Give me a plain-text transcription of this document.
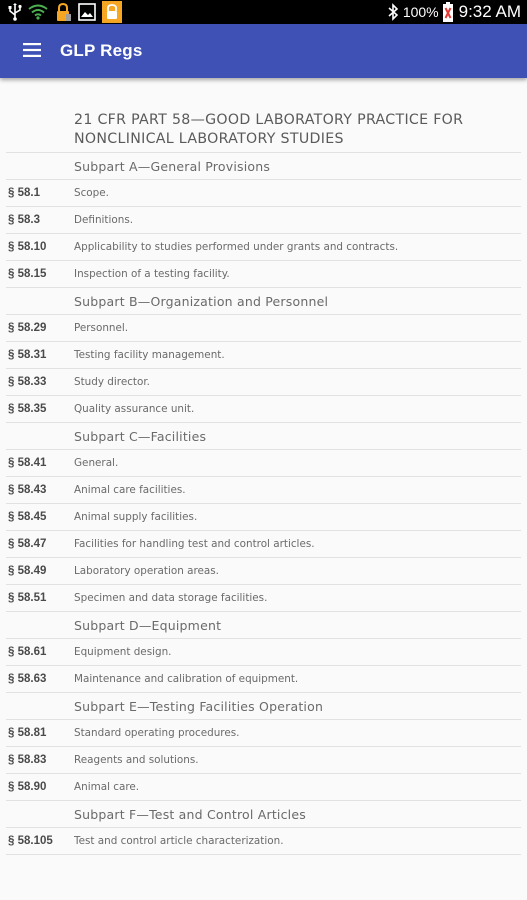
100% 9:32 AM
GLP Regs
21 CFR PART 58—GOOD LABORATORY PRACTICE FOR NONCLINICAL LABORATORY STUDIES
Subpart A—General Provisions
§ 58.1	Scope.
§ 58.3	Definitions.
§ 58.10	Applicability to studies performed under grants and contracts.
§ 58.15	Inspection of a testing facility.
Subpart B—Organization and Personnel
§ 58.29	Personnel.
§ 58.31	Testing facility management.
§ 58.33	Study director.
§ 58.35	Quality assurance unit.
Subpart C—Facilities
§ 58.41	General.
§ 58.43	Animal care facilities.
§ 58.45	Animal supply facilities.
§ 58.47	Facilities for handling test and control articles.
§ 58.49	Laboratory operation areas.
§ 58.51	Specimen and data storage facilities.
Subpart D—Equipment
§ 58.61	Equipment design.
§ 58.63	Maintenance and calibration of equipment.
Subpart E—Testing Facilities Operation
§ 58.81	Standard operating procedures.
§ 58.83	Reagents and solutions.
§ 58.90	Animal care.
Subpart F—Test and Control Articles
§ 58.105	Test and control article characterization.
